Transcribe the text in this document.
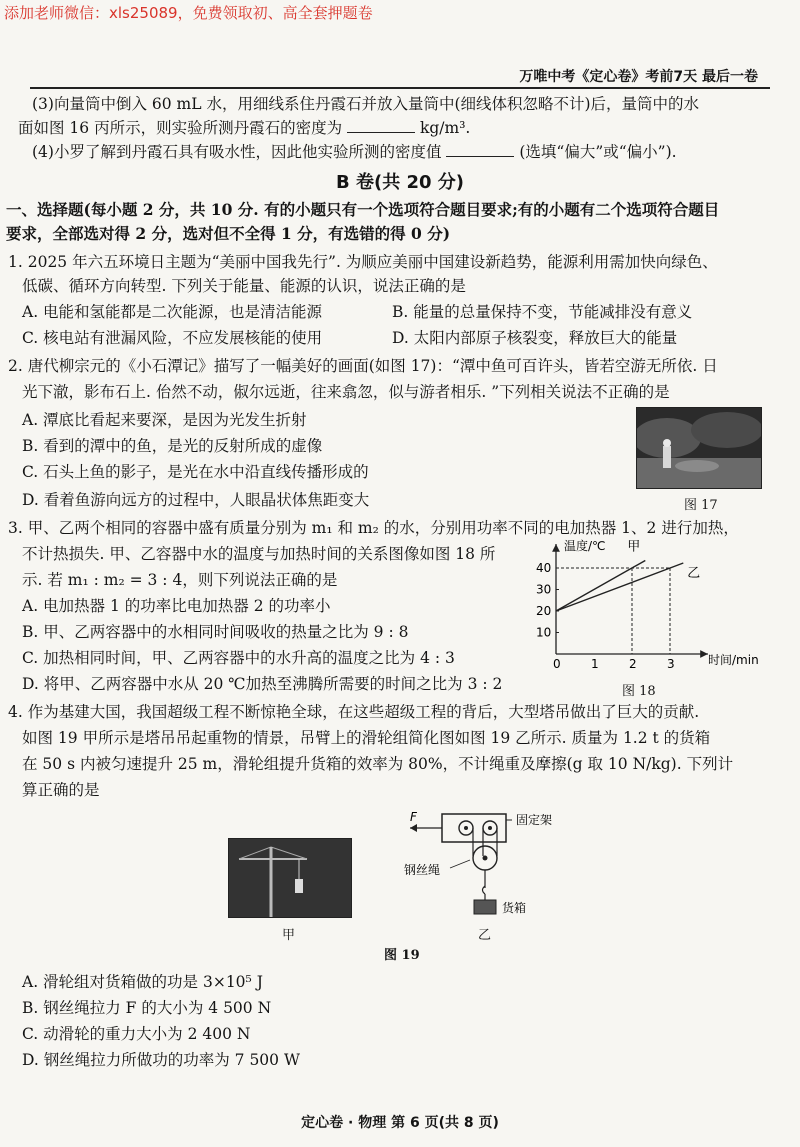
添加老师微信：xls25089，免费领取初、高全套押题卷
万唯中考《定心卷》考前7天 最后一卷
(3)向量筒中倒入 60 mL 水，用细线系住丹霞石并放入量筒中(细线体积忽略不计)后，量筒中的水
面如图 16 丙所示，则实验所测丹霞石的密度为	kg/m³.
(4)小罗了解到丹霞石具有吸水性，因此他实验所测的密度值	(选填“偏大”或“偏小”).
B 卷(共 20 分)
一、选择题(每小题 2 分，共 10 分. 有的小题只有一个选项符合题目要求;有的小题有二个选项符合题目
要求，全部选对得 2 分，选对但不全得 1 分，有选错的得 0 分)
1. 2025 年六五环境日主题为“美丽中国我先行”. 为顺应美丽中国建设新趋势，能源利用需加快向绿色、
低碳、循环方向转型. 下列关于能量、能源的认识，说法正确的是
A. 电能和氢能都是二次能源，也是清洁能源	B. 能量的总量保持不变，节能减排没有意义
C. 核电站有泄漏风险，不应发展核能的使用	D. 太阳内部原子核裂变，释放巨大的能量
2. 唐代柳宗元的《小石潭记》描写了一幅美好的画面(如图 17)：“潭中鱼可百许头，皆若空游无所依. 日
光下澈，影布石上. 佁然不动，俶尔远逝，往来翕忽，似与游者相乐. ”下列相关说法不正确的是
A. 潭底比看起来要深，是因为光发生折射
B. 看到的潭中的鱼，是光的反射所成的虚像
C. 石头上鱼的影子，是光在水中沿直线传播形成的
D. 看着鱼游向远方的过程中，人眼晶状体焦距变大	图 17
3. 甲、乙两个相同的容器中盛有质量分别为 m₁ 和 m₂ 的水，分别用功率不同的电加热器 1、2 进行加热，
不计热损失. 甲、乙容器中水的温度与加热时间的关系图像如图 18 所
示. 若 m₁ : m₂ = 3 : 4，则下列说法正确的是
A. 电加热器 1 的功率比电加热器 2 的功率小
B. 甲、乙两容器中的水相同时间吸收的热量之比为 9 : 8
C. 加热相同时间，甲、乙两容器中的水升高的温度之比为 4 : 3
D. 将甲、乙两容器中水从 20 ℃加热至沸腾所需要的时间之比为 3 : 2
温度/℃
时间/min
0	1	2	3
10
20
30
40
甲
乙
图 18
4. 作为基建大国，我国超级工程不断惊艳全球，在这些超级工程的背后，大型塔吊做出了巨大的贡献.
如图 19 甲所示是塔吊吊起重物的情景，吊臂上的滑轮组简化图如图 19 乙所示. 质量为 1.2 t 的货箱
在 50 s 内被匀速提升 25 m，滑轮组提升货箱的效率为 80%，不计绳重及摩擦(g 取 10 N/kg). 下列计
算正确的是
甲
F	固定架
钢丝绳
货箱
乙
图 19
A. 滑轮组对货箱做的功是 3×10⁵ J
B. 钢丝绳拉力 F 的大小为 4 500 N
C. 动滑轮的重力大小为 2 400 N
D. 钢丝绳拉力所做功的功率为 7 500 W
定心卷 · 物理 第 6 页(共 8 页)
